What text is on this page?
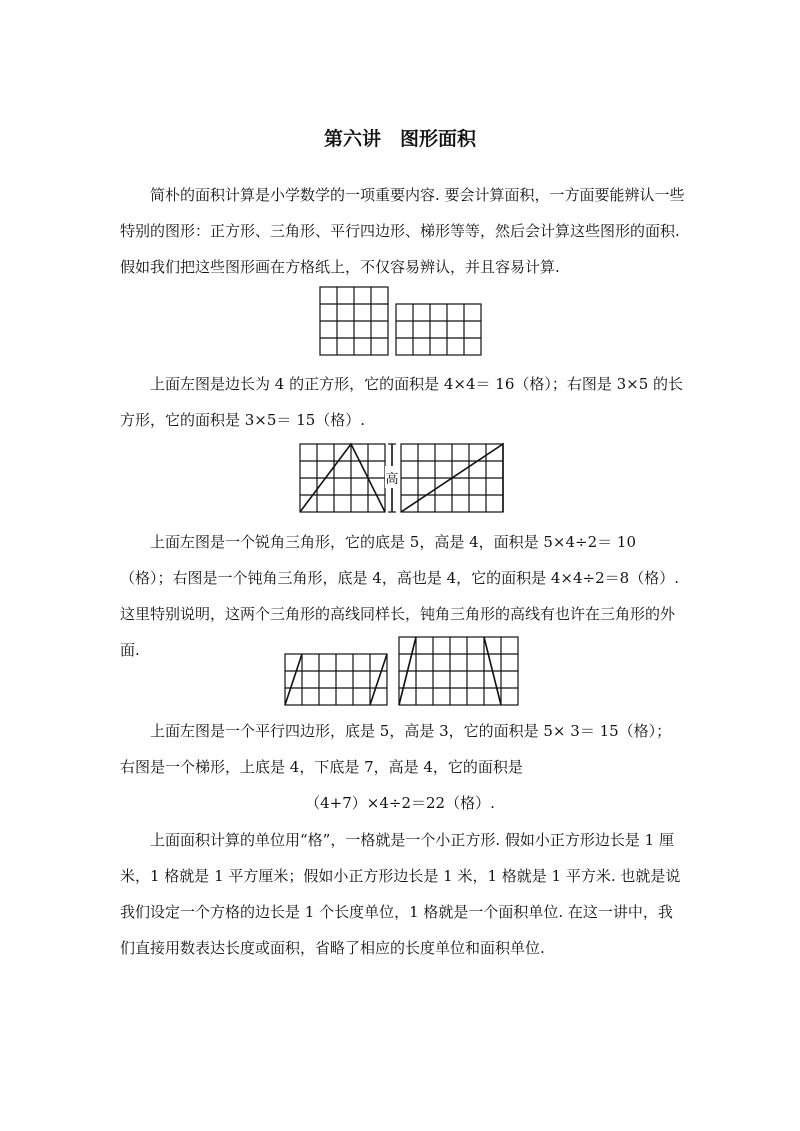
第六讲　图形面积

简朴的面积计算是小学数学的一项重要内容. 要会计算面积，一方面要能辨认一些特别的图形：正方形、三角形、平行四边形、梯形等等，然后会计算这些图形的面积. 假如我们把这些图形画在方格纸上，不仅容易辨认，并且容易计算.

上面左图是边长为 4 的正方形，它的面积是 4×4＝ 16（格）；右图是 3×5 的长方形，它的面积是 3×5＝ 15（格）.

高

上面左图是一个锐角三角形，它的底是 5，高是 4，面积是 5×4÷2＝ 10（格）；右图是一个钝角三角形，底是 4，高也是 4，它的面积是 4×4÷2＝8（格）. 这里特别说明，这两个三角形的高线同样长，钝角三角形的高线有也许在三角形的外面.

上面左图是一个平行四边形，底是 5，高是 3，它的面积是 5× 3＝ 15（格）；右图是一个梯形，上底是 4，下底是 7，高是 4，它的面积是

（4+7）×4÷2＝22（格）.

上面面积计算的单位用“格”，一格就是一个小正方形. 假如小正方形边长是 1 厘米，1 格就是 1 平方厘米；假如小正方形边长是 1 米，1 格就是 1 平方米. 也就是说我们设定一个方格的边长是 1 个长度单位，1 格就是一个面积单位. 在这一讲中，我们直接用数表达长度或面积，省略了相应的长度单位和面积单位.
